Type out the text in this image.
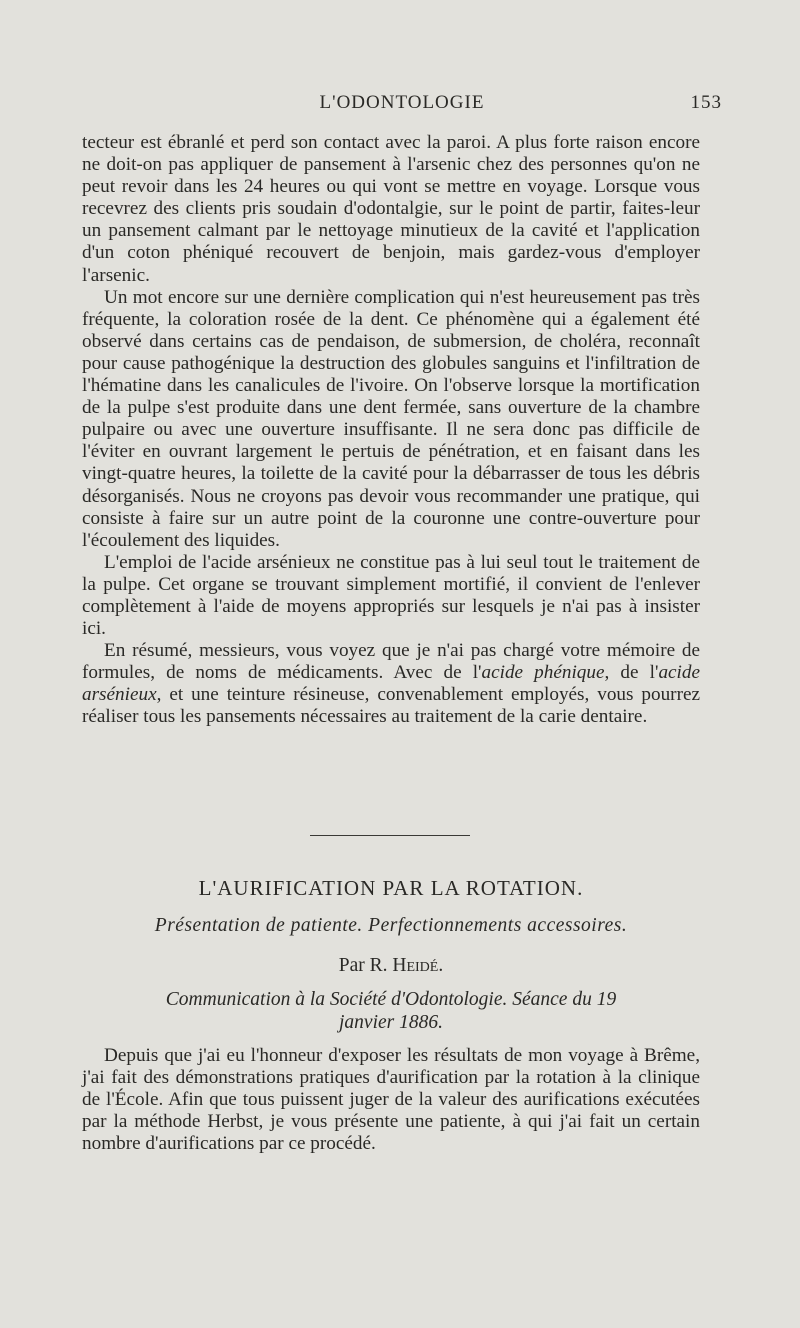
L'ODONTOLOGIE	153

tecteur est ébranlé et perd son contact avec la paroi. A plus forte raison encore ne doit-on pas appliquer de pansement à l'arsenic chez des personnes qu'on ne peut revoir dans les 24 heures ou qui vont se mettre en voyage. Lorsque vous recevrez des clients pris soudain d'odontalgie, sur le point de partir, faites-leur un pansement calmant par le nettoyage minutieux de la cavité et l'application d'un coton phéniqué recouvert de benjoin, mais gardez-vous d'employer l'arsenic.

Un mot encore sur une dernière complication qui n'est heureusement pas très fréquente, la coloration rosée de la dent. Ce phénomène qui a également été observé dans certains cas de pendaison, de submersion, de choléra, reconnaît pour cause pathogénique la destruction des globules sanguins et l'infiltration de l'hématine dans les canalicules de l'ivoire. On l'observe lorsque la mortification de la pulpe s'est produite dans une dent fermée, sans ouverture de la chambre pulpaire ou avec une ouverture insuffisante. Il ne sera donc pas difficile de l'éviter en ouvrant largement le pertuis de pénétration, et en faisant dans les vingt-quatre heures, la toilette de la cavité pour la débarrasser de tous les débris désorganisés. Nous ne croyons pas devoir vous recommander une pratique, qui consiste à faire sur un autre point de la couronne une contre-ouverture pour l'écoulement des liquides.

L'emploi de l'acide arsénieux ne constitue pas à lui seul tout le traitement de la pulpe. Cet organe se trouvant simplement mortifié, il convient de l'enlever complètement à l'aide de moyens appropriés sur lesquels je n'ai pas à insister ici.

En résumé, messieurs, vous voyez que je n'ai pas chargé votre mémoire de formules, de noms de médicaments. Avec de l'acide phénique, de l'acide arsénieux, et une teinture résineuse, convenablement employés, vous pourrez réaliser tous les pansements nécessaires au traitement de la carie dentaire.

L'AURIFICATION PAR LA ROTATION.
Présentation de patiente. Perfectionnements accessoires.
Par R. Heidé.
Communication à la Société d'Odontologie. Séance du 19
janvier 1886.

Depuis que j'ai eu l'honneur d'exposer les résultats de mon voyage à Brême, j'ai fait des démonstrations pratiques d'aurification par la rotation à la clinique de l'École. Afin que tous puissent juger de la valeur des aurifications exécutées par la méthode Herbst, je vous présente une patiente, à qui j'ai fait un certain nombre d'aurifications par ce procédé.
